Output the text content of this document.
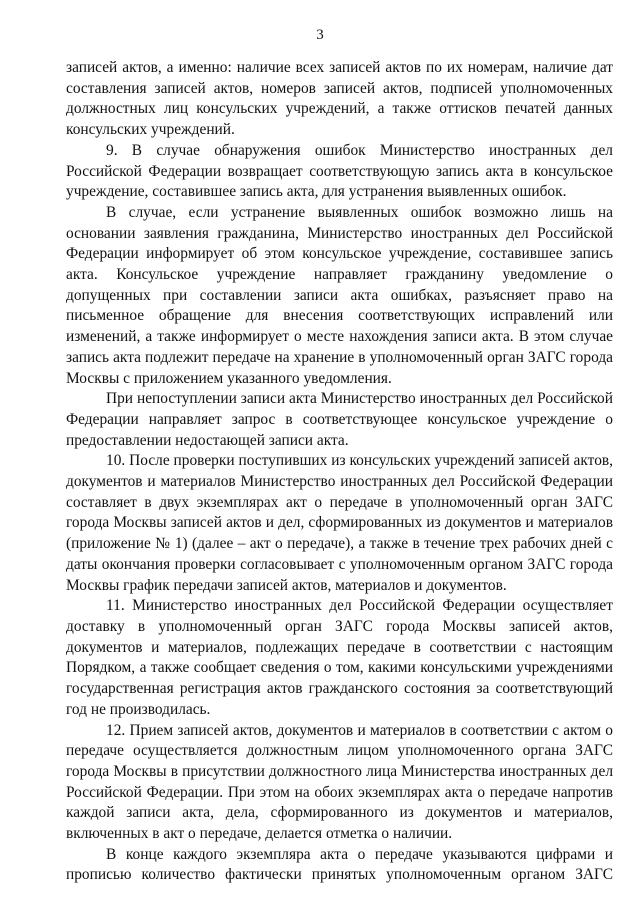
3

записей актов, а именно: наличие всех записей актов по их номерам, наличие дат составления записей актов, номеров записей актов, подписей уполномоченных должностных лиц консульских учреждений, а также оттисков печатей данных консульских учреждений.

9. В случае обнаружения ошибок Министерство иностранных дел Российской Федерации возвращает соответствующую запись акта в консульское учреждение, составившее запись акта, для устранения выявленных ошибок.

В случае, если устранение выявленных ошибок возможно лишь на основании заявления гражданина, Министерство иностранных дел Российской Федерации информирует об этом консульское учреждение, составившее запись акта. Консульское учреждение направляет гражданину уведомление о допущенных при составлении записи акта ошибках, разъясняет право на письменное обращение для внесения соответствующих исправлений или изменений, а также информирует о месте нахождения записи акта. В этом случае запись акта подлежит передаче на хранение в уполномоченный орган ЗАГС города Москвы с приложением указанного уведомления.

При непоступлении записи акта Министерство иностранных дел Российской Федерации направляет запрос в соответствующее консульское учреждение о предоставлении недостающей записи акта.

10. После проверки поступивших из консульских учреждений записей актов, документов и материалов Министерство иностранных дел Российской Федерации составляет в двух экземплярах акт о передаче в уполномоченный орган ЗАГС города Москвы записей актов и дел, сформированных из документов и материалов (приложение № 1) (далее – акт о передаче), а также в течение трех рабочих дней с даты окончания проверки согласовывает с уполномоченным органом ЗАГС города Москвы график передачи записей актов, материалов и документов.

11. Министерство иностранных дел Российской Федерации осуществляет доставку в уполномоченный орган ЗАГС города Москвы записей актов, документов и материалов, подлежащих передаче в соответствии с настоящим Порядком, а также сообщает сведения о том, какими консульскими учреждениями государственная регистрация актов гражданского состояния за соответствующий год не производилась.

12. Прием записей актов, документов и материалов в соответствии с актом о передаче осуществляется должностным лицом уполномоченного органа ЗАГС города Москвы в присутствии должностного лица Министерства иностранных дел Российской Федерации. При этом на обоих экземплярах акта о передаче напротив каждой записи акта, дела, сформированного из документов и материалов, включенных в акт о передаче, делается отметка о наличии.

В конце каждого экземпляра акта о передаче указываются цифрами и прописью количество фактически принятых уполномоченным органом ЗАГС
